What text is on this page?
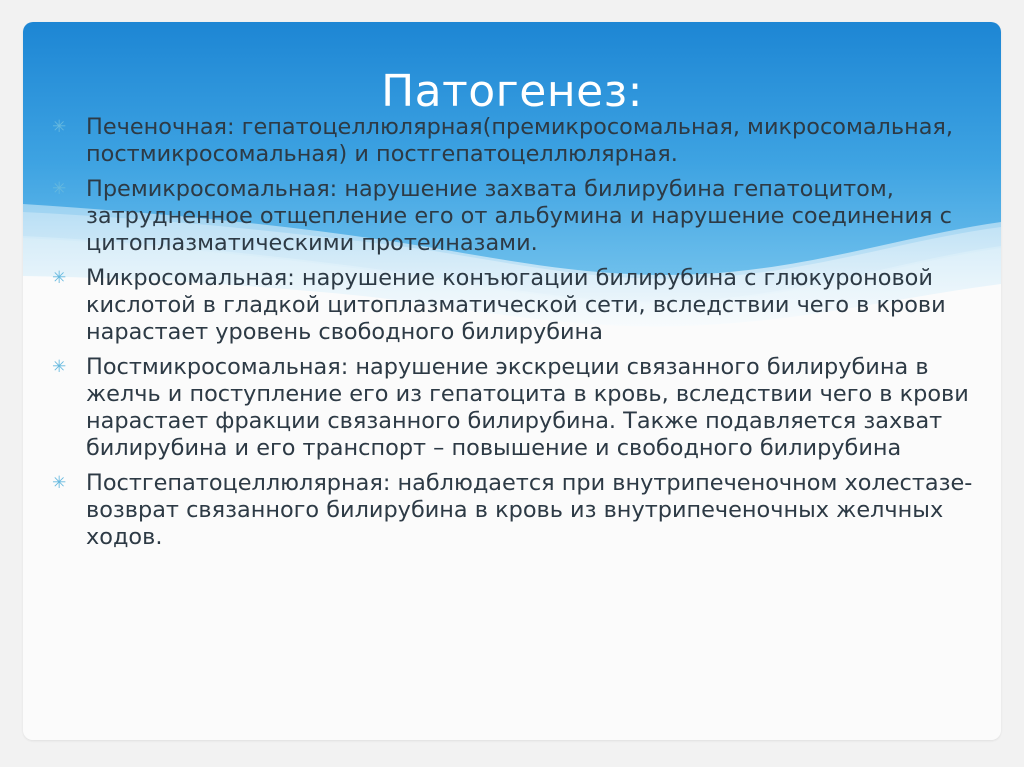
Патогенез:
✳ Печеночная: гепатоцеллюлярная(премикросомальная, микросомальная, постмикросомальная) и постгепатоцеллюлярная.
✳ Премикросомальная: нарушение захвата билирубина гепатоцитом, затрудненное отщепление его от альбумина и нарушение соединения с цитоплазматическими протеиназами.
✳ Микросомальная: нарушение конъюгации билирубина с глюкуроновой кислотой в гладкой цитоплазматической сети, вследствии чего в крови нарастает уровень свободного билирубина
✳ Постмикросомальная: нарушение экскреции связанного билирубина в желчь и поступление его из гепатоцита в кровь, вследствии чего в крови нарастает фракции связанного билирубина. Также подавляется захват билирубина и его транспорт – повышение и свободного билирубина
✳ Постгепатоцеллюлярная: наблюдается при внутрипеченочном холестазе- возврат связанного билирубина в кровь из внутрипеченочных желчных ходов.
